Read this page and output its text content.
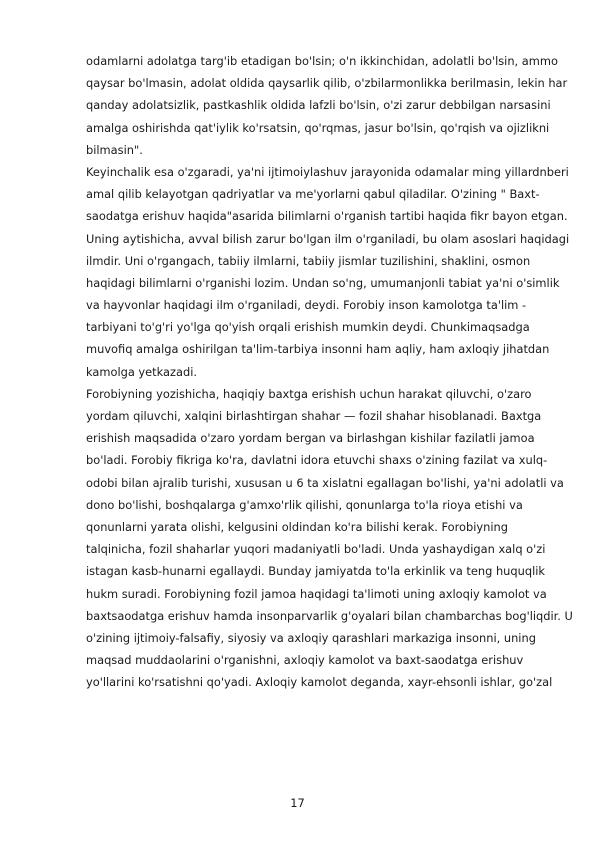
odamlarni adolatga targ'ib etadigan bo'lsin; o'n ikkinchidan, adolatli bo'lsin, ammo
qaysar bo'lmasin, adolat oldida qaysarlik qilib, o'zbilarmonlikka berilmasin, lekin har
qanday adolatsizlik, pastkashlik oldida lafzli bo'lsin, o'zi zarur debbilgan narsasini
amalga oshirishda qat'iylik ko'rsatsin, qo'rqmas, jasur bo'lsin, qo'rqish va ojizlikni
bilmasin".
Keyinchalik esa o'zgaradi, ya'ni ijtimoiylashuv jarayonida odamalar ming yillardnberi
amal qilib kelayotgan qadriyatlar va me'yorlarni qabul qiladilar. O'zining " Baxt-
saodatga erishuv haqida"asarida bilimlarni o'rganish tartibi haqida fikr bayon etgan.
Uning aytishicha, avval bilish zarur bo'lgan ilm o'rganiladi, bu olam asoslari haqidagi
ilmdir. Uni o'rgangach, tabiiy ilmlarni, tabiiy jismlar tuzilishini, shaklini, osmon
haqidagi bilimlarni o'rganishi lozim. Undan so'ng, umumanjonli tabiat ya'ni o'simlik
va hayvonlar haqidagi ilm o'rganiladi, deydi. Forobiy inson kamolotga ta'lim -
tarbiyani to'g'ri yo'lga qo'yish orqali erishish mumkin deydi. Chunkimaqsadga
muvofiq amalga oshirilgan ta'lim-tarbiya insonni ham aqliy, ham axloqiy jihatdan
kamolga yetkazadi.
Forobiyning yozishicha, haqiqiy baxtga erishish uchun harakat qiluvchi, o'zaro
yordam qiluvchi, xalqini birlashtirgan shahar — fozil shahar hisoblanadi. Baxtga
erishish maqsadida o'zaro yordam bergan va birlashgan kishilar fazilatli jamoa
bo'ladi. Forobiy fikriga ko'ra, davlatni idora etuvchi shaxs o'zining fazilat va xulq-
odobi bilan ajralib turishi, xususan u 6 ta xislatni egallagan bo'lishi, ya'ni adolatli va
dono bo'lishi, boshqalarga g'amxo'rlik qilishi, qonunlarga to'la rioya etishi va
qonunlarni yarata olishi, kelgusini oldindan ko'ra bilishi kerak. Forobiyning
talqinicha, fozil shaharlar yuqori madaniyatli bo'ladi. Unda yashaydigan xalq o'zi
istagan kasb-hunarni egallaydi. Bunday jamiyatda to'la erkinlik va teng huquqlik
hukm suradi. Forobiyning fozil jamoa haqidagi ta'limoti uning axloqiy kamolot va
baxtsaodatga erishuv hamda insonparvarlik g'oyalari bilan chambarchas bog'liqdir. U
o'zining ijtimoiy-falsafiy, siyosiy va axloqiy qarashlari markaziga insonni, uning
maqsad muddaolarini o'rganishni, axloqiy kamolot va baxt-saodatga erishuv
yo'llarini ko'rsatishni qo'yadi. Axloqiy kamolot deganda, xayr-ehsonli ishlar, go'zal
17
